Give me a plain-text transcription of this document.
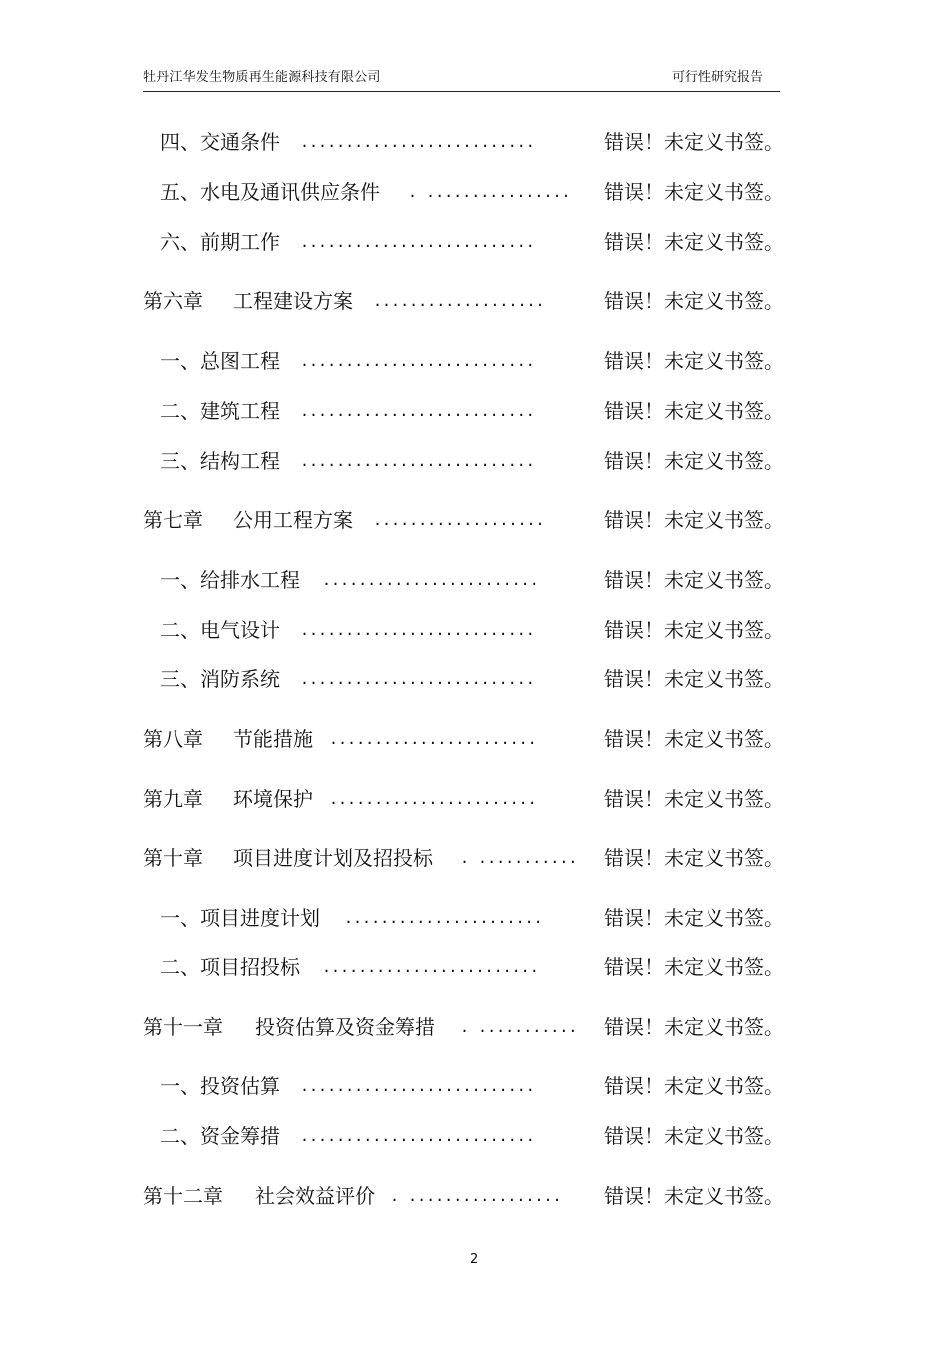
牡丹江华发生物质再生能源科技有限公司	可行性研究报告
四、交通条件 ..........................	错误！未定义书签。
五、水电及通讯供应条件 . ................ 错误！未定义书签。
六、前期工作 ..........................	错误！未定义书签。
第六章 工程建设方案 ...................	错误！未定义书签。
一、总图工程 ..........................	错误！未定义书签。
二、建筑工程 ..........................	错误！未定义书签。
三、结构工程 ..........................	错误！未定义书签。
第七章 公用工程方案 ...................	错误！未定义书签。
一、给排水工程 ........................	错误！未定义书签。
二、电气设计 ..........................	错误！未定义书签。
三、消防系统 ..........................	错误！未定义书签。
第八章 节能措施 .......................	错误！未定义书签。
第九章 环境保护 .......................	错误！未定义书签。
第十章 项目进度计划及招投标 . ........... 错误！未定义书签。
一、项目进度计划 ......................	错误！未定义书签。
二、项目招投标 ........................	错误！未定义书签。
第十一章 投资估算及资金筹措 . ........... 错误！未定义书签。
一、投资估算 ..........................	错误！未定义书签。
二、资金筹措 ..........................	错误！未定义书签。
第十二章 社会效益评价 . ................. 错误！未定义书签。
2
